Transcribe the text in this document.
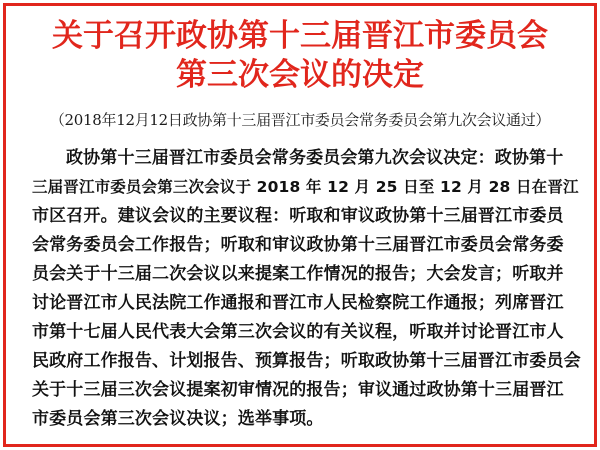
关于召开政协第十三届晋江市委员会
第三次会议的决定
（2018年12月12日政协第十三届晋江市委员会常务委员会第九次会议通过）
政协第十三届晋江市委员会常务委员会第九次会议决定：政协第十
三届晋江市委员会第三次会议于 2018 年 12 月 25 日至 12 月 28 日在晋江
市区召开。建议会议的主要议程：听取和审议政协第十三届晋江市委员
会常务委员会工作报告；听取和审议政协第十三届晋江市委员会常务委
员会关于十三届二次会议以来提案工作情况的报告；大会发言；听取并
讨论晋江市人民法院工作通报和晋江市人民检察院工作通报；列席晋江
市第十七届人民代表大会第三次会议的有关议程，听取并讨论晋江市人
民政府工作报告、计划报告、预算报告；听取政协第十三届晋江市委员会
关于十三届三次会议提案初审情况的报告；审议通过政协第十三届晋江
市委员会第三次会议决议；选举事项。
